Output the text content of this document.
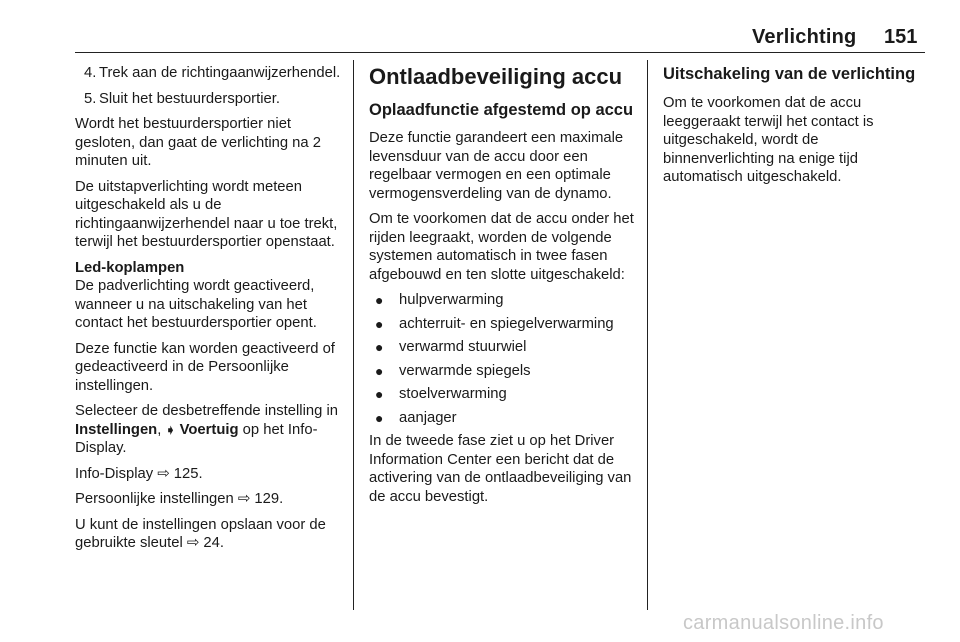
Verlichting 151
4. Trek aan de richtingaanwijzerhendel.
5. Sluit het bestuurdersportier.

Wordt het bestuurdersportier niet gesloten, dan gaat de verlichting na 2 minuten uit.

De uitstapverlichting wordt meteen uitgeschakeld als u de richtingaanwijzerhendel naar u toe trekt, terwijl het bestuurdersportier openstaat.

Led-koplampen

De padverlichting wordt geactiveerd, wanneer u na uitschakeling van het contact het bestuurdersportier opent.

Deze functie kan worden geactiveerd of gedeactiveerd in de Persoonlijke instellingen.

Selecteer de desbetreffende instelling in Instellingen, ➧ Voertuig op het Info-Display.

Info-Display ⇨ 125.

Persoonlijke instellingen ⇨ 129.

U kunt de instellingen opslaan voor de gebruikte sleutel ⇨ 24.

Ontlaadbeveiliging accu

Oplaadfunctie afgestemd op accu

Deze functie garandeert een maximale levensduur van de accu door een regelbaar vermogen en een optimale vermogensverdeling van de dynamo.

Om te voorkomen dat de accu onder het rijden leegraakt, worden de volgende systemen automatisch in twee fasen afgebouwd en ten slotte uitgeschakeld:

● hulpverwarming
● achterruit- en spiegelverwarming
● verwarmd stuurwiel
● verwarmde spiegels
● stoelverwarming
● aanjager

In de tweede fase ziet u op het Driver Information Center een bericht dat de activering van de ontlaadbeveiliging van de accu bevestigt.

Uitschakeling van de verlichting

Om te voorkomen dat de accu leeggeraakt terwijl het contact is uitgeschakeld, wordt de binnenverlichting na enige tijd automatisch uitgeschakeld.

carmanualsonline.info
